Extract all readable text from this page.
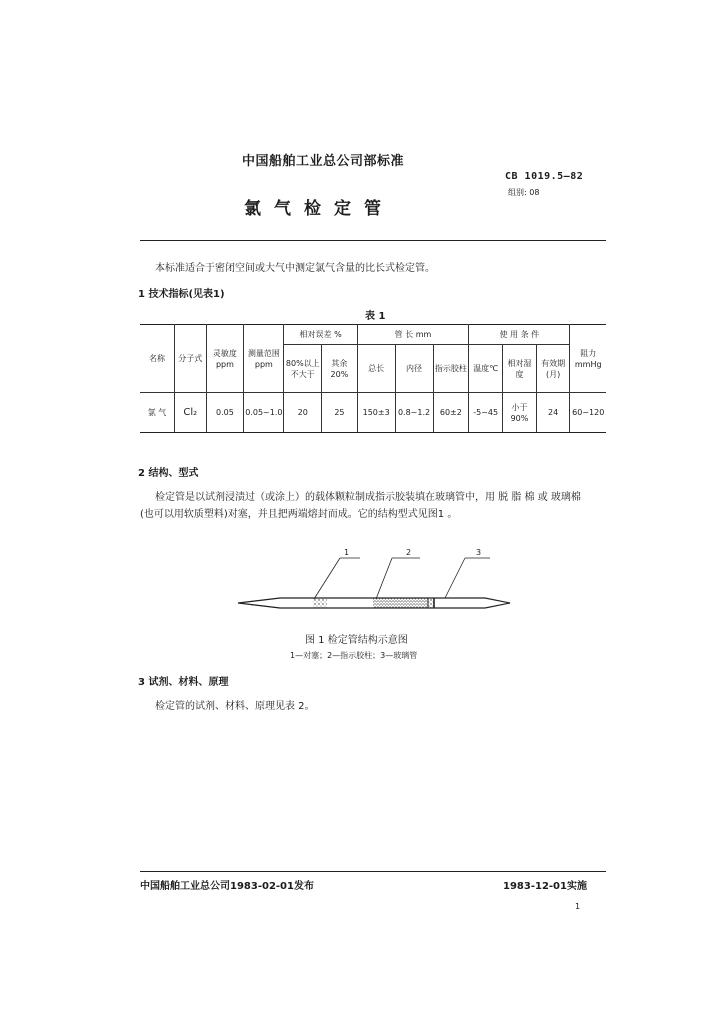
中国船舶工业总公司部标准
CB 1019.5—82
组别: 08
氯气检定管
本标准适合于密闭空间或大气中测定氯气含量的比长式检定管。
1 技术指标(见表1)
表 1
名称	分子式	灵敏度ppm	测量范围ppm	相对误差 %		管 长 mm			使 用 条 件			阻力mmHg
				80%以上不大于	其余20%	总长	内径	指示胶柱	温度℃	相对湿度	有效期(月)	
氯 气	Cl₂	0.05	0.05~1.0	20	25	150±3	0.8~1.2	60±2	-5~45	小于90%	24	60~120
2 结构、型式
检定管是以试剂浸渍过（或涂上）的载体颗粒制成指示胶装填在玻璃管中，用 脱 脂 棉 或 玻璃棉
(也可以用软质塑料)对塞，并且把两端熔封而成。它的结构型式见图1 。
1	2	3
图 1 检定管结构示意图
1—对塞；2—指示胶柱；3—玻璃管
3 试剂、材料、原理
检定管的试剂、材料、原理见表 2。
中国船舶工业总公司1983-02-01发布	1983-12-01实施
1
